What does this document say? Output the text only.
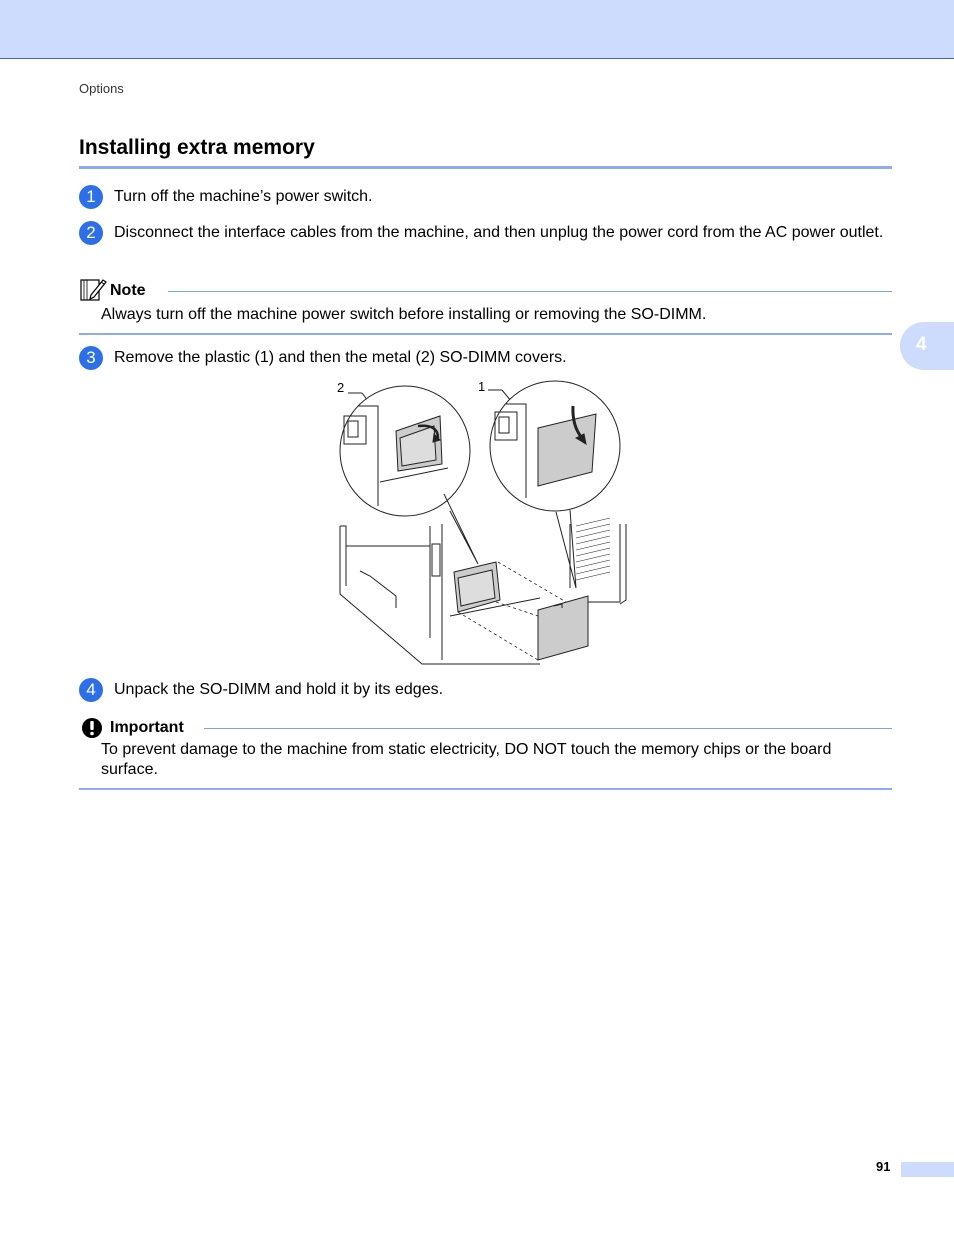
Options
Installing extra memory
1	Turn off the machine’s power switch.
2	Disconnect the interface cables from the machine, and then unplug the power cord from the AC power outlet.
Note
Always turn off the machine power switch before installing or removing the SO-DIMM.
3	Remove the plastic (1) and then the metal (2) SO-DIMM covers.
2	1
4	Unpack the SO-DIMM and hold it by its edges.
Important
To prevent damage to the machine from static electricity, DO NOT touch the memory chips or the board surface.
4
91
